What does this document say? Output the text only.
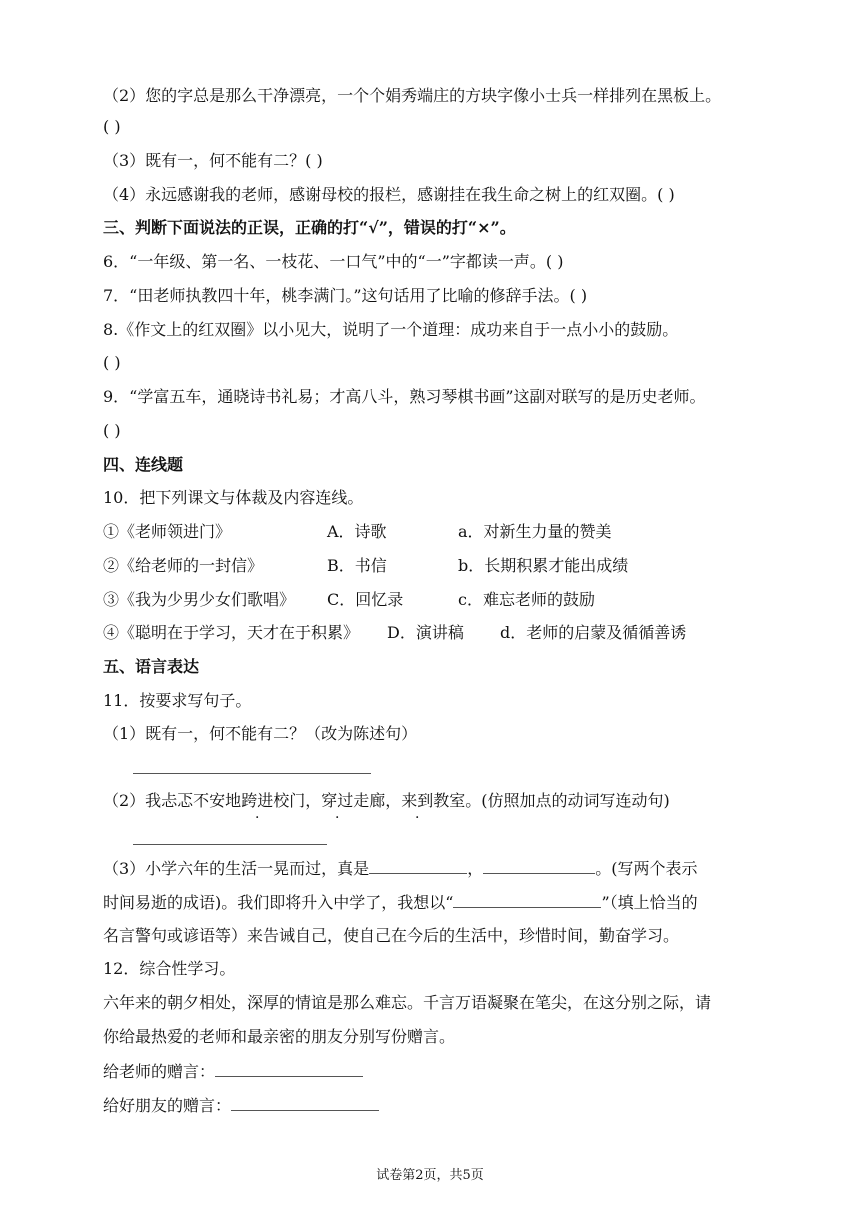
（2）您的字总是那么干净漂亮，一个个娟秀端庄的方块字像小士兵一样排列在黑板上。
( )
（3）既有一，何不能有二？( )
（4）永远感谢我的老师，感谢母校的报栏，感谢挂在我生命之树上的红双圈。( )
三、判断下面说法的正误，正确的打“√”，错误的打“×”。
6．“一年级、第一名、一枝花、一口气”中的“一”字都读一声。( )
7．“田老师执教四十年，桃李满门。”这句话用了比喻的修辞手法。( )
8.《作文上的红双圈》以小见大，说明了一个道理：成功来自于一点小小的鼓励。
( )
9．“学富五车，通晓诗书礼易；才高八斗，熟习琴棋书画”这副对联写的是历史老师。
( )
四、连线题
10．把下列课文与体裁及内容连线。
①《老师领进门》	A．诗歌	a．对新生力量的赞美
②《给老师的一封信》	B．书信	b．长期积累才能出成绩
③《我为少男少女们歌唱》 C．回忆录	c．难忘老师的鼓励
④《聪明在于学习，天才在于积累》 D．演讲稿 d．老师的启蒙及循循善诱
五、语言表达
11．按要求写句子。
（1）既有一，何不能有二？（改为陈述句）
（2）我忐忑不安地跨进校门，穿过走廊，来到教室。(仿照加点的动词写连动句)
（3）小学六年的生活一晃而过，真是	，	。(写两个表示
时间易逝的成语)。我们即将升入中学了，我想以“	”（填上恰当的
名言警句或谚语等）来告诫自己，使自己在今后的生活中，珍惜时间，勤奋学习。
12．综合性学习。
六年来的朝夕相处，深厚的情谊是那么难忘。千言万语凝聚在笔尖，在这分别之际，请
你给最热爱的老师和最亲密的朋友分别写份赠言。
给老师的赠言：
给好朋友的赠言：
试卷第2页，共5页
